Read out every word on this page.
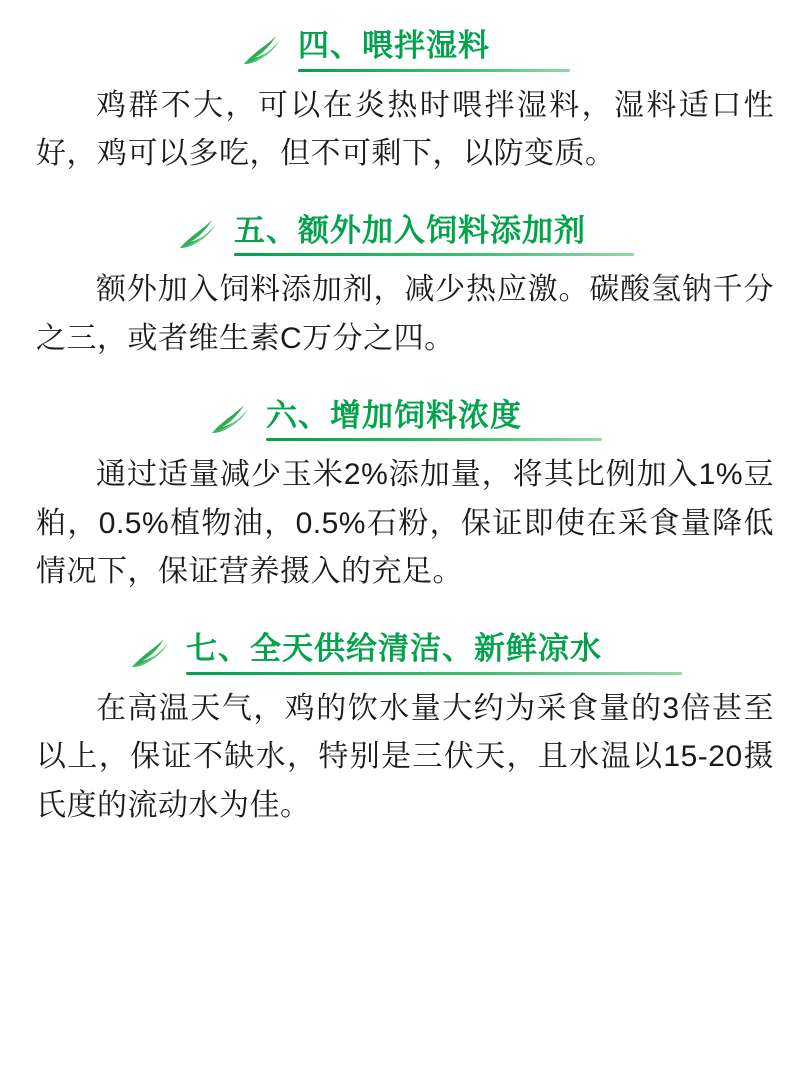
四、喂拌湿料

鸡群不大，可以在炎热时喂拌湿料，湿料适口性好，鸡可以多吃，但不可剩下，以防变质。

五、额外加入饲料添加剂

额外加入饲料添加剂，减少热应激。碳酸氢钠千分之三，或者维生素C万分之四。

六、增加饲料浓度

通过适量减少玉米2%添加量，将其比例加入1%豆粕，0.5%植物油，0.5%石粉，保证即使在采食量降低情况下，保证营养摄入的充足。

七、全天供给清洁、新鲜凉水

在高温天气，鸡的饮水量大约为采食量的3倍甚至以上，保证不缺水，特别是三伏天，且水温以15-20摄氏度的流动水为佳。
